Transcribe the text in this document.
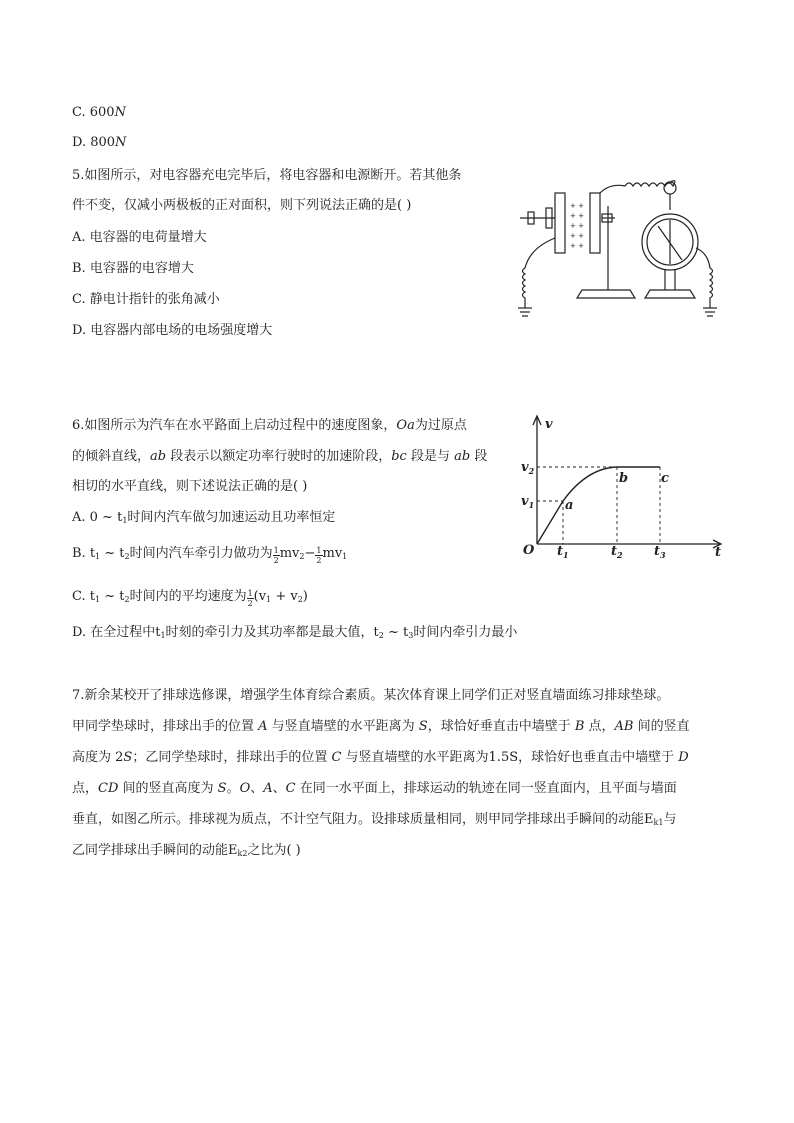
C. 600N
D. 800N
5.如图所示，对电容器充电完毕后，将电容器和电源断开。若其他条
件不变，仅减小两极板的正对面积，则下列说法正确的是( )
A. 电容器的电荷量增大
B. 电容器的电容增大
C. 静电计指针的张角减小
D. 电容器内部电场的电场强度增大
+ +
+ +
+ +
+ +
+ +
6.如图所示为汽车在水平路面上启动过程中的速度图象，Oa为过原点
的倾斜直线，ab 段表示以额定功率行驶时的加速阶段，bc 段是与 ab 段
相切的水平直线，则下述说法正确的是( )
A. 0 ~ $t_1$时间内汽车做匀加速运动且功率恒定
B. $t_1$ ~ $t_2$时间内汽车牵引力做功为 $\frac{1}{2} mv_2- \frac{1}{2} mv_1$
C. $t_1$ ~ $t_2$时间内的平均速度为 $\frac{1}{2} (v_1 + v_2)$
D. 在全过程中$t_1$时刻的牵引力及其功率都是最大值，$t_2$ ~ $t_3$时间内牵引力最小
v
t
O
a
b	c
$v_1$
$v_2$
$t_1$	$t_2$ $t_3$
7.新余某校开了排球选修课，增强学生体育综合素质。某次体育课上同学们正对竖直墙面练习排球垫球。
甲同学垫球时，排球出手的位置 A 与竖直墙壁的水平距离为 S，球恰好垂直击中墙壁于 B 点，AB 间的竖直
高度为 2S；乙同学垫球时，排球出手的位置 C 与竖直墙壁的水平距离为1.5S，球恰好也垂直击中墙壁于 D
点，CD 间的竖直高度为 S。O、A、C 在同一水平面上，排球运动的轨迹在同一竖直面内，且平面与墙面
垂直，如图乙所示。排球视为质点，不计空气阻力。设排球质量相同，则甲同学排球出手瞬间的动能$E_{k1}$与
乙同学排球出手瞬间的动能$E_{k2}$之比为( )
